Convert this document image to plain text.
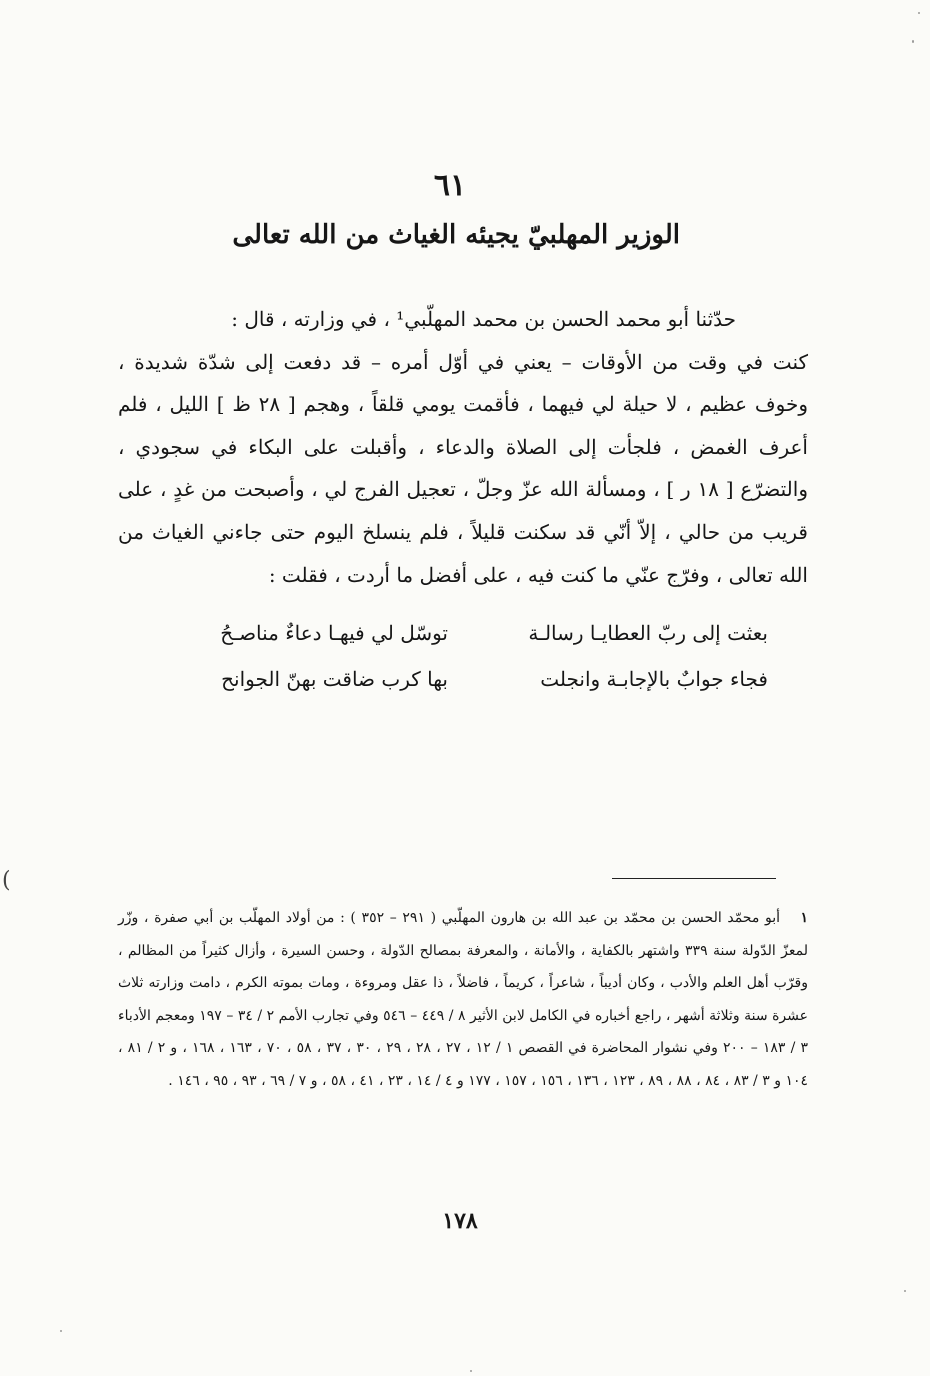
(
٦١
الوزير المهلبيّ يجيئه الغياث من الله تعالى

حدّثنا أبو محمد الحسن بن محمد المهلّبي¹ ، في وزارته ، قال :

كنت في وقت من الأوقات – يعني في أوّل أمره – قد دفعت إلى شدّة شديدة ، وخوف عظيم ، لا حيلة لي فيهما ، فأقمت يومي قلقاً ، وهجم [ ٢٨ ظ ] الليل ، فلم أعرف الغمض ، فلجأت إلى الصلاة والدعاء ، وأقبلت على البكاء في سجودي ، والتضرّع [ ١٨ ر ] ، ومسألة الله عزّ وجلّ ، تعجيل الفرج لي ، وأصبحت من غدٍ ، على قريب من حالي ، إلاّ أنّي قد سكنت قليلاً ، فلم ينسلخ اليوم حتى جاءني الغياث من الله تعالى ، وفرّج عنّي ما كنت فيه ، على أفضل ما أردت ، فقلت :

بعثت إلى ربّ العطايـا رسالـة
توسّل لي فيهـا دعاءٌ مناصـحُ
فجاء جوابٌ بالإجابـة وانجلت
بها كرب ضاقت بهنّ الجوانح

١أبو محمّد الحسن بن محمّد بن عبد الله بن هارون المهلّبي ( ٢٩١ – ٣٥٢ ) : من أولاد المهلّب بن أبي صفرة ، وزّر لمعزّ الدّولة سنة ٣٣٩ واشتهر بالكفاية ، والأمانة ، والمعرفة بمصالح الدّولة ، وحسن السيرة ، وأزال كثيراً من المظالم ، وقرّب أهل العلم والأدب ، وكان أديباً ، شاعراً ، كريماً ، فاضلاً ، ذا عقل ومروءة ، ومات بموته الكرم ، دامت وزارته ثلاث عشرة سنة وثلاثة أشهر ، راجع أخباره في الكامل لابن الأثير ٨ / ٤٤٩ – ٥٤٦ وفي تجارب الأمم ٢ / ٣٤ – ١٩٧ ومعجم الأدباء ٣ / ١٨٣ – ٢٠٠ وفي نشوار المحاضرة في القصص ١ / ١٢ ، ٢٧ ، ٢٨ ، ٢٩ ، ٣٠ ، ٣٧ ، ٥٨ ، ٧٠ ، ١٦٣ ، ١٦٨ ، و ٢ / ٨١ ، ١٠٤ و ٣ / ٨٣ ، ٨٤ ، ٨٨ ، ٨٩ ، ١٢٣ ، ١٣٦ ، ١٥٦ ، ١٥٧ ، ١٧٧ و ٤ / ١٤ ، ٢٣ ، ٤١ ، ٥٨ ، و ٧ / ٦٩ ، ٩٣ ، ٩٥ ، ١٤٦ .

١٧٨
